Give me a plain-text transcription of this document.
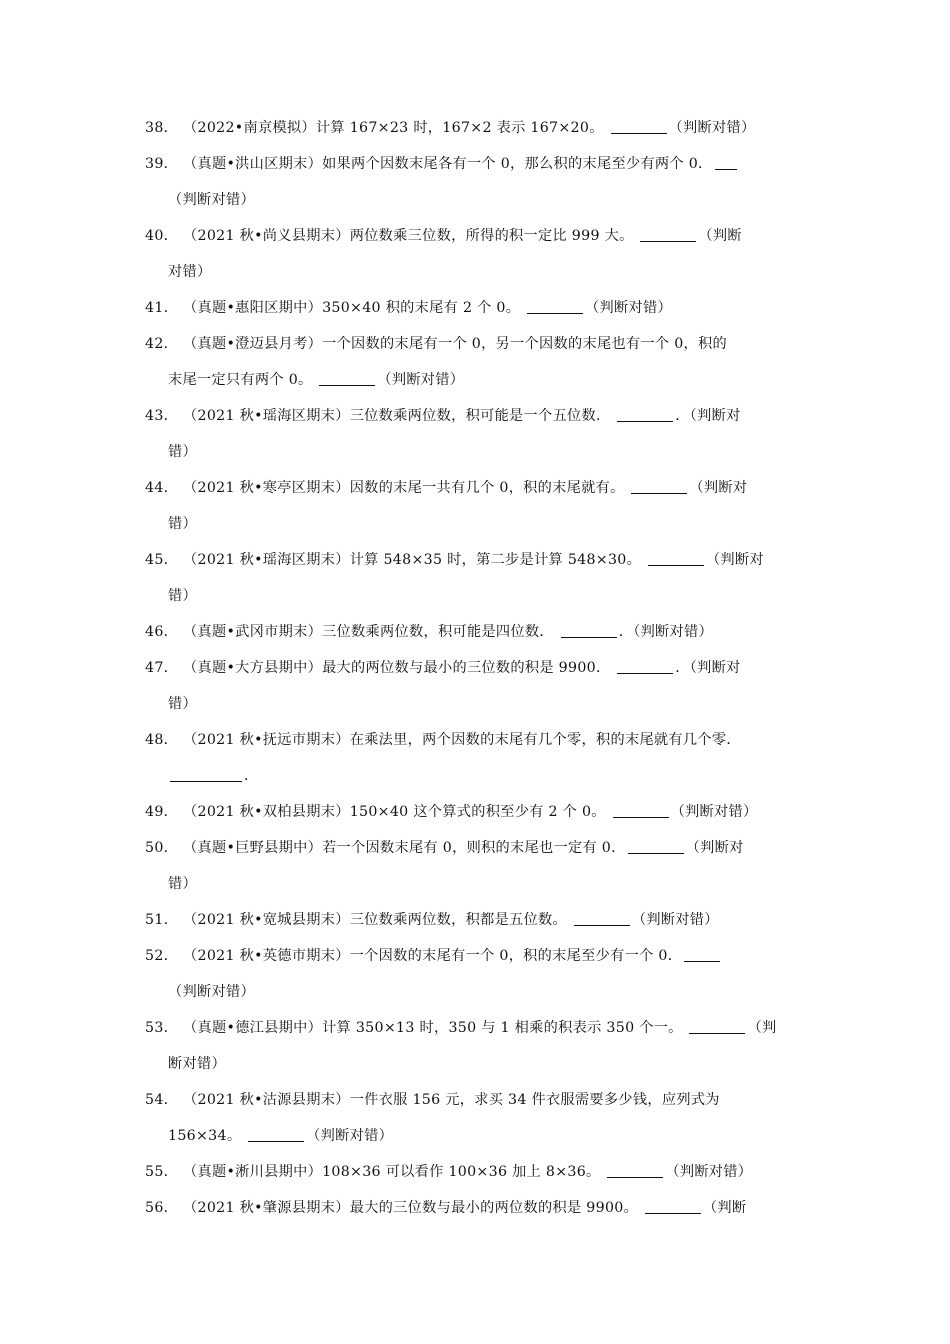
38． （2022•南京模拟）计算 167×23 时，167×2 表示 167×20。	（判断对错）
39． （真题•洪山区期末）如果两个因数末尾各有一个 0，那么积的末尾至少有两个 0．
（判断对错）
40． （2021 秋•尚义县期末）两位数乘三位数，所得的积一定比 999 大。	（判断
对错）
41． （真题•惠阳区期中）350×40 积的末尾有 2 个 0。	（判断对错）
42． （真题•澄迈县月考）一个因数的末尾有一个 0，另一个因数的末尾也有一个 0，积的
末尾一定只有两个 0。	（判断对错）
43． （2021 秋•瑶海区期末）三位数乘两位数，积可能是一个五位数．	．（判断对
错）
44． （2021 秋•寒亭区期末）因数的末尾一共有几个 0，积的末尾就有。	（判断对
错）
45． （2021 秋•瑶海区期末）计算 548×35 时，第二步是计算 548×30。	（判断对
错）
46． （真题•武冈市期末）三位数乘两位数，积可能是四位数．	．（判断对错）
47． （真题•大方县期中）最大的两位数与最小的三位数的积是 9900．	．（判断对
错）
48． （2021 秋•抚远市期末）在乘法里，两个因数的末尾有几个零，积的末尾就有几个零．
．
49． （2021 秋•双柏县期末）150×40 这个算式的积至少有 2 个 0。	（判断对错）
50． （真题•巨野县期中）若一个因数末尾有 0，则积的末尾也一定有 0．	（判断对
错）
51． （2021 秋•宽城县期末）三位数乘两位数，积都是五位数。	（判断对错）
52． （2021 秋•英德市期末）一个因数的末尾有一个 0，积的末尾至少有一个 0．
（判断对错）
53． （真题•德江县期中）计算 350×13 时，350 与 1 相乘的积表示 350 个一。	（判
断对错）
54． （2021 秋•沽源县期末）一件衣服 156 元，求买 34 件衣服需要多少钱，应列式为
156×34。	（判断对错）
55． （真题•淅川县期中）108×36 可以看作 100×36 加上 8×36。	（判断对错）
56． （2021 秋•肇源县期末）最大的三位数与最小的两位数的积是 9900。	（判断
